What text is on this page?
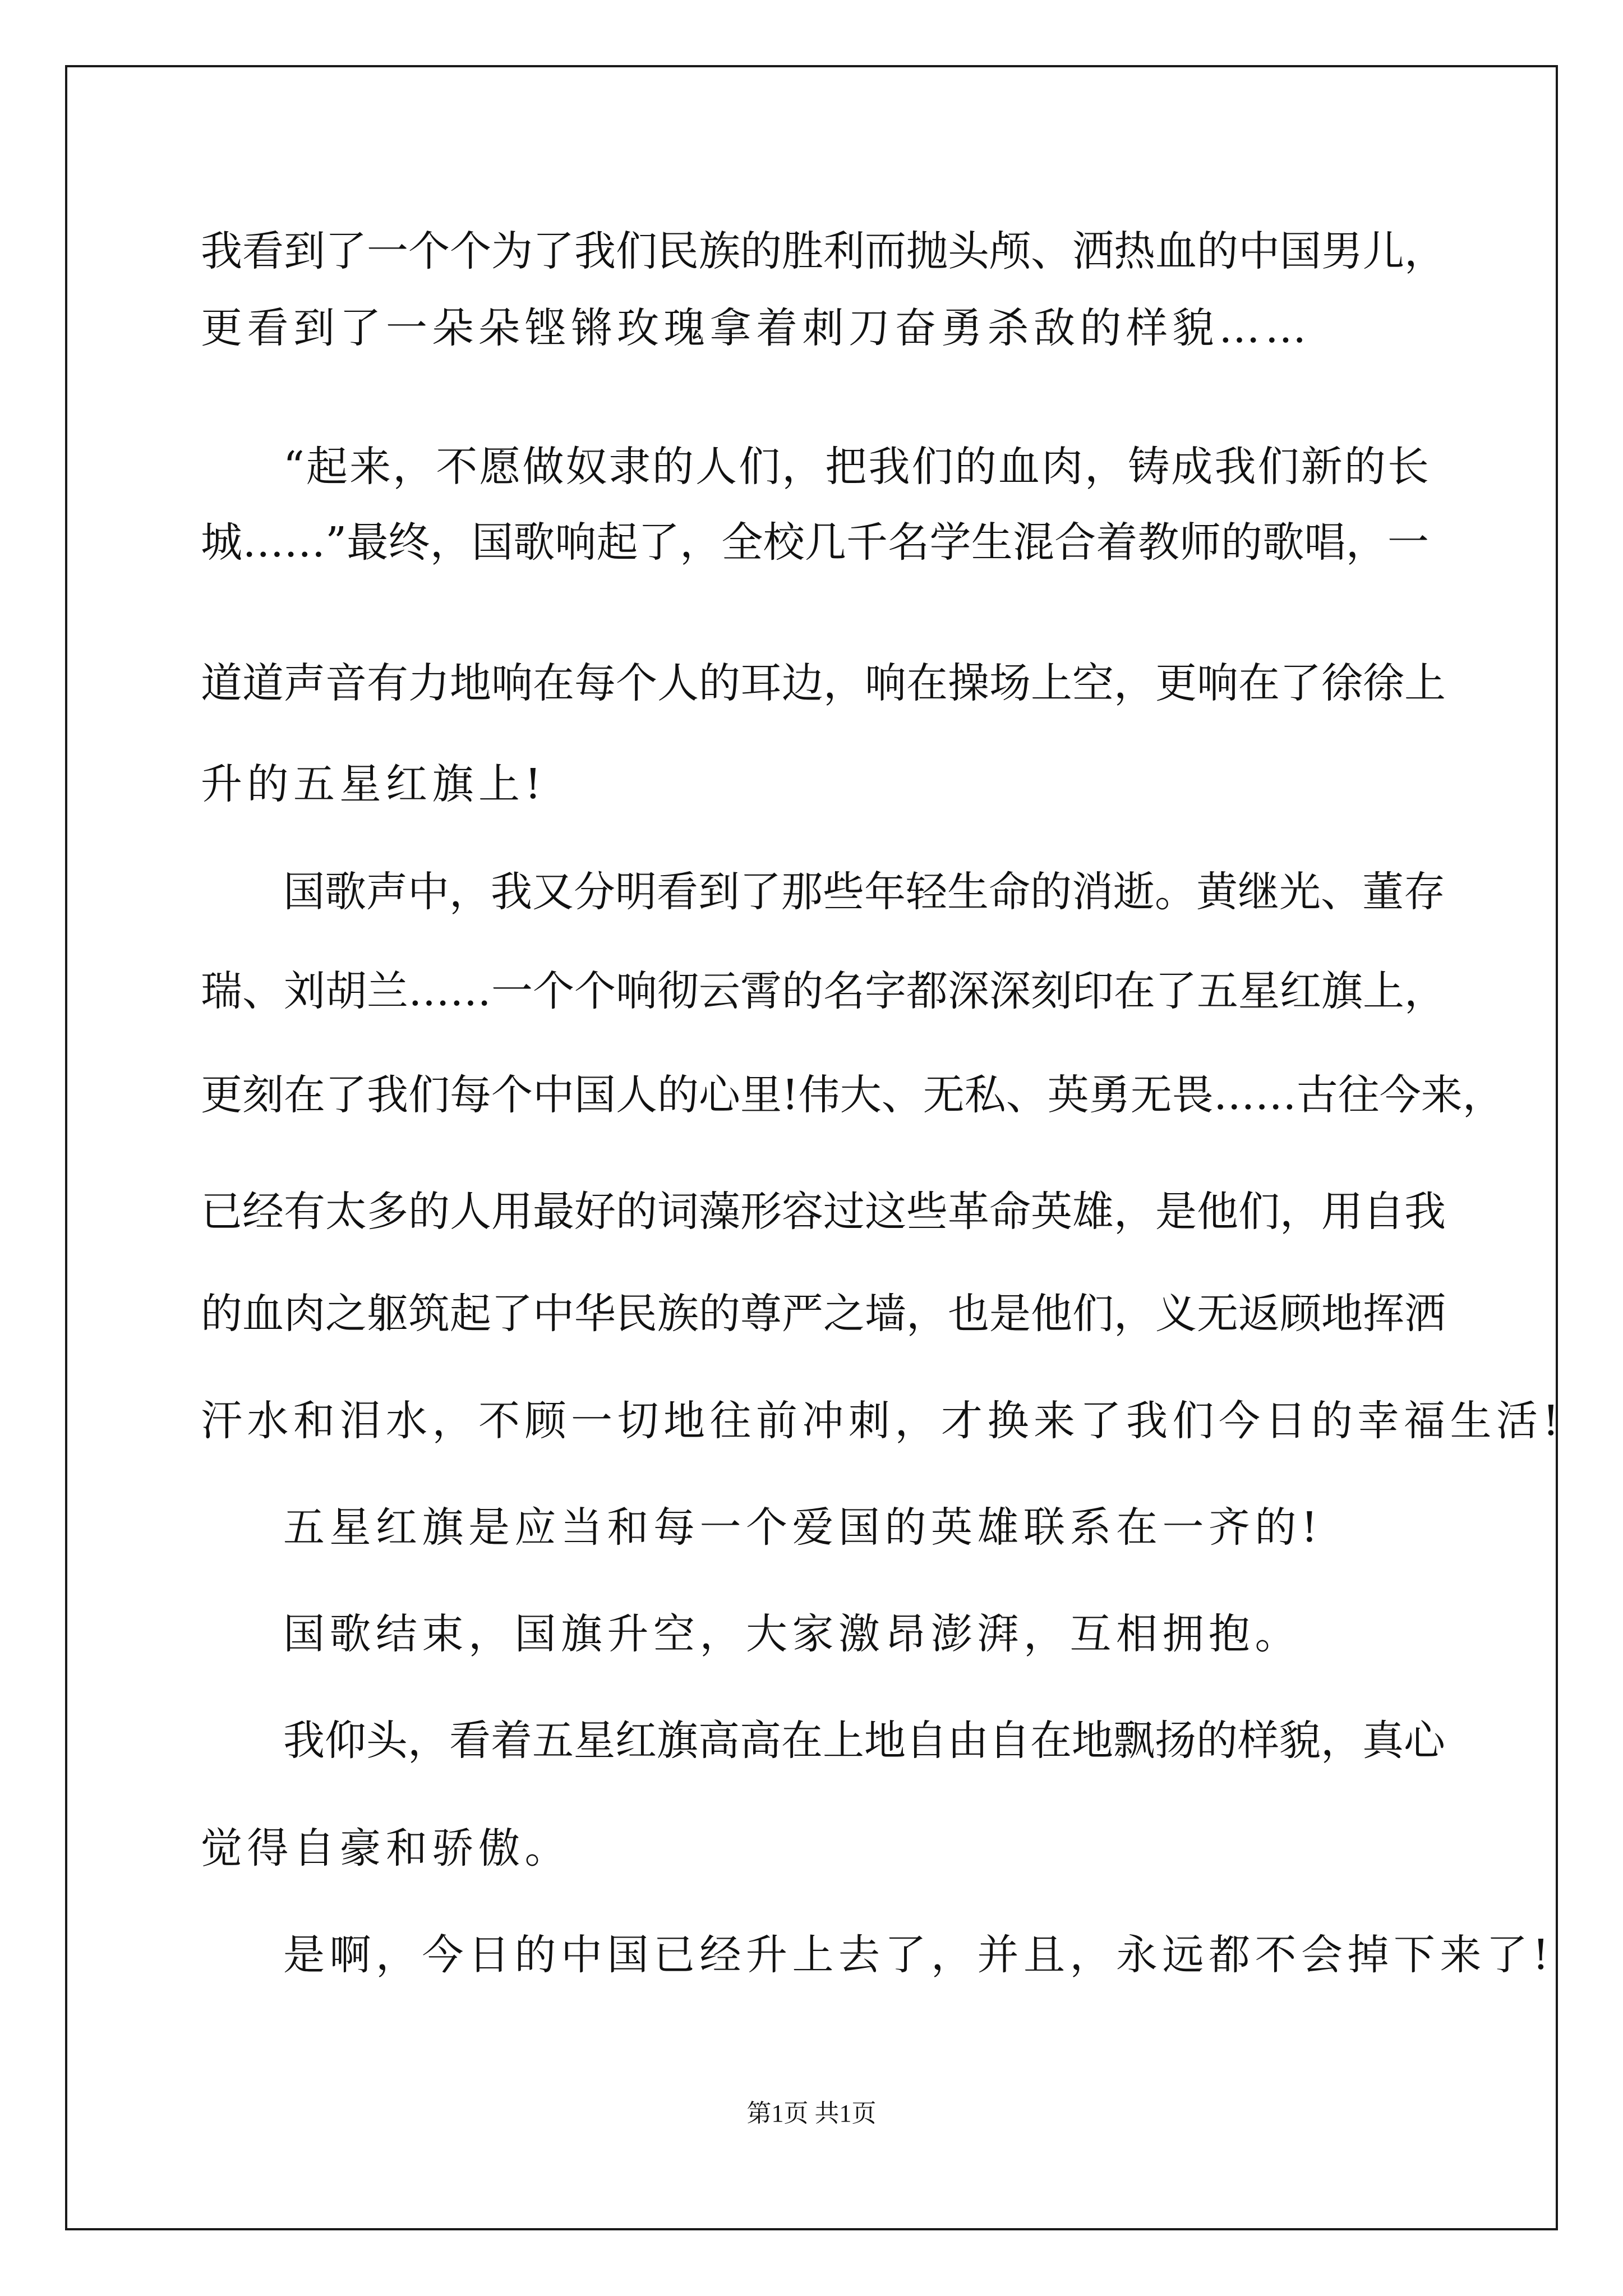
我看到了一个个为了我们民族的胜利而抛头颅、洒热血的中国男儿，
更看到了一朵朵铿锵玫瑰拿着刺刀奋勇杀敌的样貌……
“起来，不愿做奴隶的人们，把我们的血肉，铸成我们新的长
城……”最终，国歌响起了，全校几千名学生混合着教师的歌唱，一
道道声音有力地响在每个人的耳边，响在操场上空，更响在了徐徐上
升的五星红旗上!
国歌声中，我又分明看到了那些年轻生命的消逝。黄继光、董存
瑞、刘胡兰……一个个响彻云霄的名字都深深刻印在了五星红旗上，
更刻在了我们每个中国人的心里!伟大、无私、英勇无畏……古往今来，
已经有太多的人用最好的词藻形容过这些革命英雄，是他们，用自我
的血肉之躯筑起了中华民族的尊严之墙，也是他们，义无返顾地挥洒
汗水和泪水，不顾一切地往前冲刺，才换来了我们今日的幸福生活!
五星红旗是应当和每一个爱国的英雄联系在一齐的!
国歌结束，国旗升空，大家激昂澎湃，互相拥抱。
我仰头，看着五星红旗高高在上地自由自在地飘扬的样貌，真心
觉得自豪和骄傲。
是啊，今日的中国已经升上去了，并且，永远都不会掉下来了!
第1页 共1页
